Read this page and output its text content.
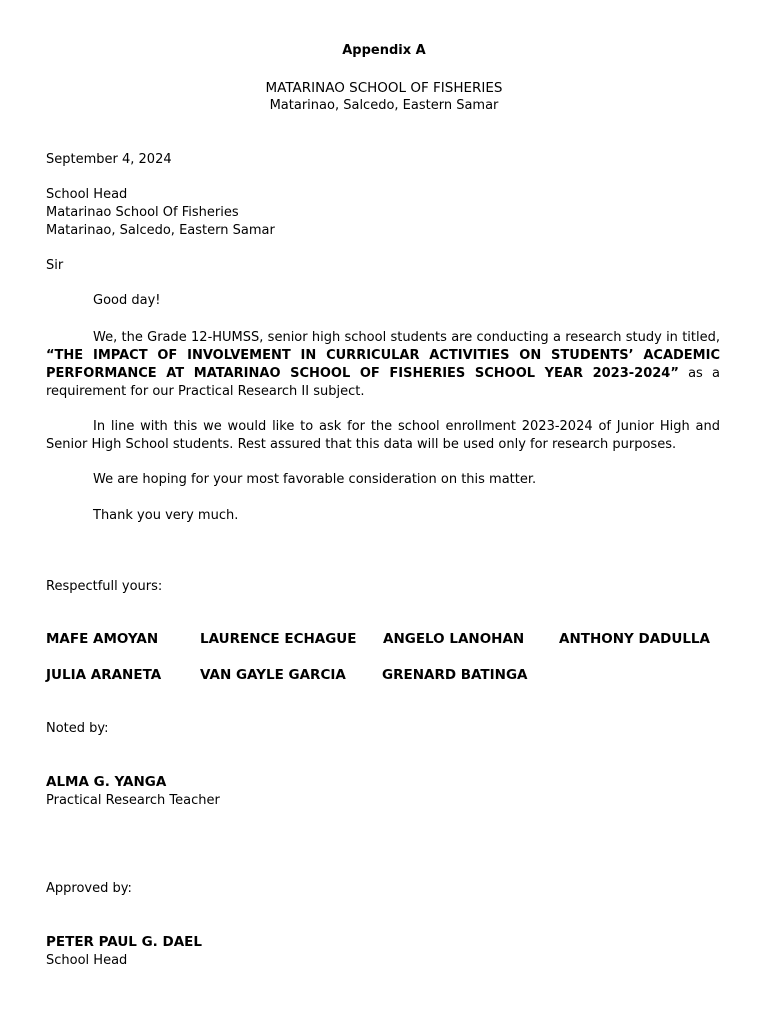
Appendix A
MATARINAO SCHOOL OF FISHERIES
Matarinao, Salcedo, Eastern Samar
September 4, 2024
School Head
Matarinao School Of Fisheries
Matarinao, Salcedo, Eastern Samar
Sir
Good day!
We, the Grade 12-HUMSS, senior high school students are conducting a research study in titled, “THE IMPACT OF INVOLVEMENT IN CURRICULAR ACTIVITIES ON STUDENTS’ ACADEMIC PERFORMANCE AT MATARINAO SCHOOL OF FISHERIES SCHOOL YEAR 2023-2024” as a requirement for our Practical Research II subject.
In line with this we would like to ask for the school enrollment 2023-2024 of Junior High and Senior High School students. Rest assured that this data will be used only for research purposes.
We are hoping for your most favorable consideration on this matter.
Thank you very much.
Respectfull yours:
MAFE AMOYAN	LAURENCE ECHAGUE ANGELO LANOHAN	ANTHONY DADULLA
JULIA ARANETA	VAN GAYLE GARCIA	GRENARD BATINGA
Noted by:
ALMA G. YANGA
Practical Research Teacher
Approved by:
PETER PAUL G. DAEL
School Head
